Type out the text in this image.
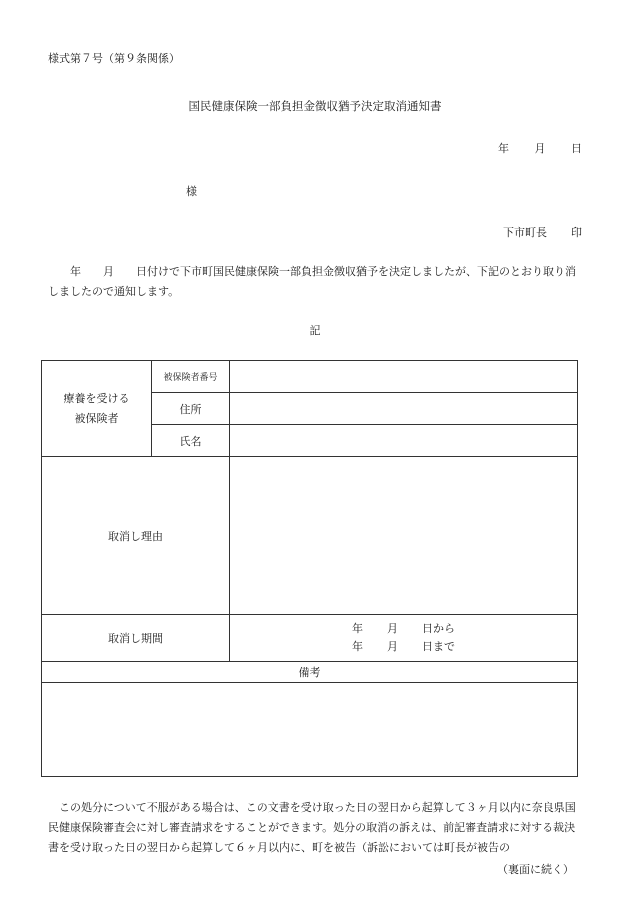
様式第７号（第９条関係）
国民健康保険一部負担金徴収猶予決定取消通知書
年 月 日
様
下市町長 印
　　年　　月　　日付けで下市町国民健康保険一部負担金徴収猶予を決定しましたが、下記のとおり取り消しましたので通知します。
記
療養を受ける被保険者	被保険者番号	
	住所	
	氏名	
取消し理由		
取消し期間		年 月 日から
年 月 日まで

備考		

　この処分について不服がある場合は、この文書を受け取った日の翌日から起算して３ヶ月以内に奈良県国民健康保険審査会に対し審査請求をすることができます。処分の取消の訴えは、前記審査請求に対する裁決書を受け取った日の翌日から起算して６ヶ月以内に、町を被告（訴訟においては町長が被告の
（裏面に続く）
